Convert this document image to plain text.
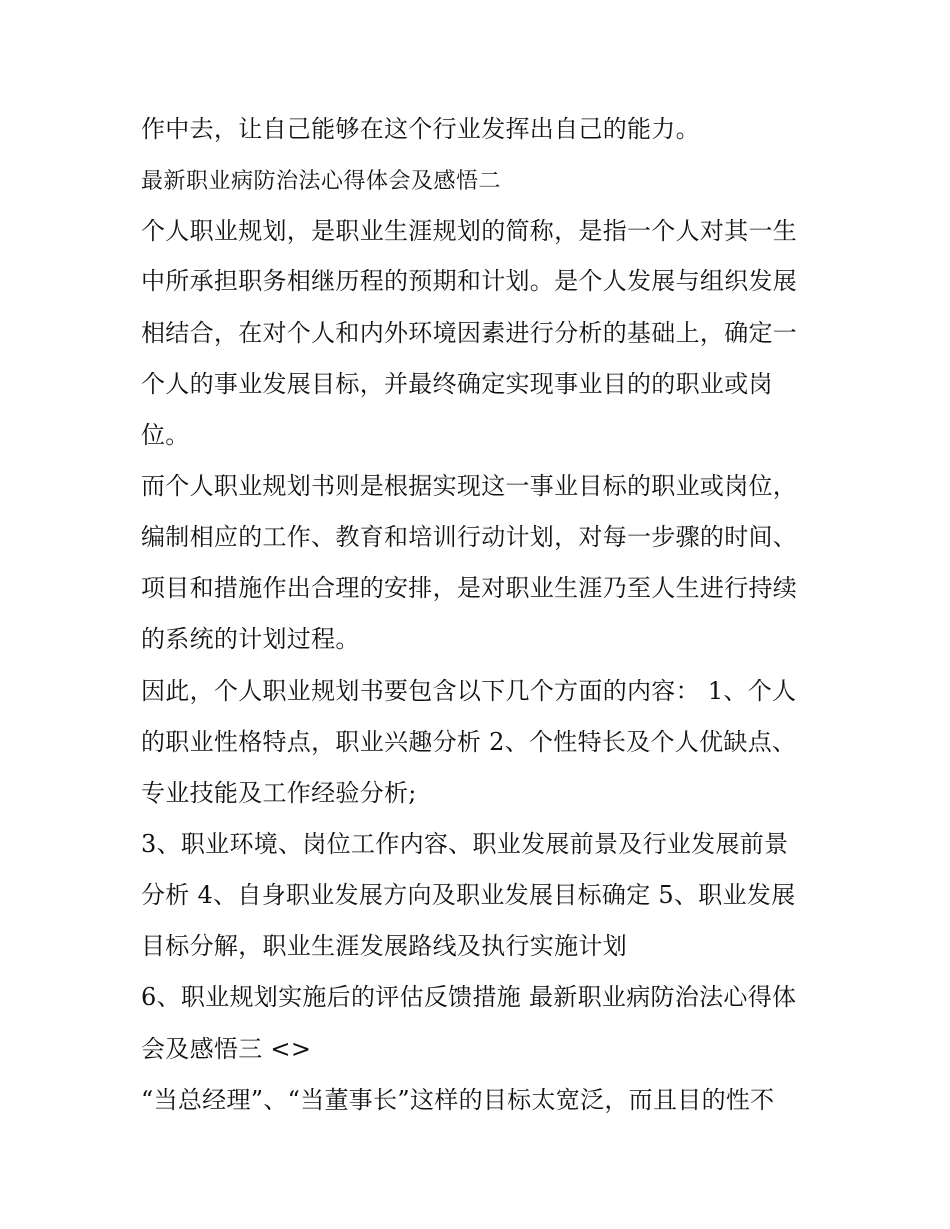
作中去，让自己能够在这个行业发挥出自己的能力。
最新职业病防治法心得体会及感悟二
个人职业规划，是职业生涯规划的简称，是指一个人对其一生
中所承担职务相继历程的预期和计划。是个人发展与组织发展
相结合，在对个人和内外环境因素进行分析的基础上，确定一
个人的事业发展目标，并最终确定实现事业目的的职业或岗
位。
而个人职业规划书则是根据实现这一事业目标的职业或岗位，
编制相应的工作、教育和培训行动计划，对每一步骤的时间、
项目和措施作出合理的安排，是对职业生涯乃至人生进行持续
的系统的计划过程。
因此，个人职业规划书要包含以下几个方面的内容： 1、个人
的职业性格特点，职业兴趣分析 2、个性特长及个人优缺点、
专业技能及工作经验分析;
3、职业环境、岗位工作内容、职业发展前景及行业发展前景
分析 4、自身职业发展方向及职业发展目标确定 5、职业发展
目标分解，职业生涯发展路线及执行实施计划
6、职业规划实施后的评估反馈措施 最新职业病防治法心得体
会及感悟三 <>
“当总经理”、“当董事长”这样的目标太宽泛，而且目的性不
